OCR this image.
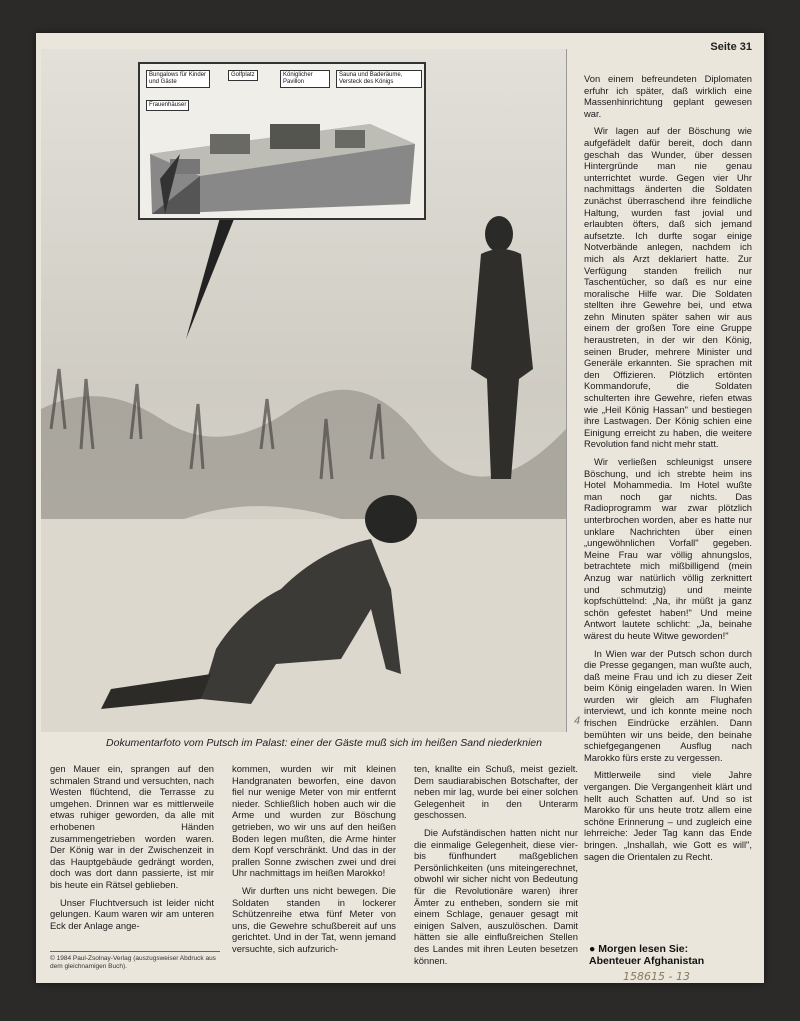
Seite 31
Bungalows für Kinder und Gäste
Golfplatz	Königlicher Pavillon
Sauna und Baderäume, Versteck des Königs
Frauenhäuser
Dokumentarfoto vom Putsch im Palast: einer der Gäste muß sich im heißen Sand niederknien

Von einem befreundeten Diplomaten erfuhr ich später, daß wirklich eine Massenhinrichtung geplant gewesen war.

Wir lagen auf der Böschung wie aufgefädelt dafür bereit, doch dann geschah das Wunder, über dessen Hintergründe man nie genau unterrichtet wurde. Gegen vier Uhr nachmittags änderten die Soldaten zunächst überraschend ihre feindliche Haltung, wurden fast jovial und erlaubten öfters, daß sich jemand aufsetzte. Ich durfte sogar einige Notverbände anlegen, nachdem ich mich als Arzt deklariert hatte. Zur Verfügung standen freilich nur Taschentücher, so daß es nur eine moralische Hilfe war. Die Soldaten stellten ihre Gewehre bei, und etwa zehn Minuten später sahen wir aus einem der großen Tore eine Gruppe heraustreten, in der wir den König, seinen Bruder, mehrere Minister und Generäle erkannten. Sie sprachen mit den Offizieren. Plötzlich ertönten Kommandorufe, die Soldaten schulterten ihre Gewehre, riefen etwas wie „Heil König Hassan" und bestiegen ihre Lastwagen. Der König schien eine Einigung erreicht zu haben, die weitere Revolution fand nicht mehr statt.

Wir verließen schleunigst unsere Böschung, und ich strebte heim ins Hotel Mohammedia. Im Hotel wußte man noch gar nichts. Das Radioprogramm war zwar plötzlich unterbrochen worden, aber es hatte nur unklare Nachrichten über einen „ungewöhnlichen Vorfall" gegeben. Meine Frau war völlig ahnungslos, betrachtete mich mißbilligend (mein Anzug war natürlich völlig zerknittert und schmutzig) und meinte kopfschüttelnd: „Na, ihr müßt ja ganz schön gefestet haben!" Und meine Antwort lautete schlicht: „Ja, beinahe wärest du heute Witwe geworden!"

In Wien war der Putsch schon durch die Presse gegangen, man wußte auch, daß meine Frau und ich zu dieser Zeit beim König eingeladen waren. In Wien wurden wir gleich am Flughafen interviewt, und ich konnte meine noch frischen Eindrücke erzählen. Dann bemühten wir uns beide, den beinahe schiefgegangenen Ausflug nach Marokko fürs erste zu vergessen.

Mittlerweile sind viele Jahre vergangen. Die Vergangenheit klärt und hellt auch Schatten auf. Und so ist Marokko für uns heute trotz allem eine schöne Erinnerung – und zugleich eine lehrreiche: Jeder Tag kann das Ende bringen. „Inshallah, wie Gott es will", sagen die Orientalen zu Recht.

gen Mauer ein, sprangen auf den schmalen Strand und versuchten, nach Westen flüchtend, die Terrasse zu umgehen. Drinnen war es mittlerweile etwas ruhiger geworden, da alle mit erhobenen Händen zusammengetrieben worden waren. Der König war in der Zwischenzeit in das Hauptgebäude gedrängt worden, doch was dort dann passierte, ist mir bis heute ein Rätsel geblieben.

Unser Fluchtversuch ist leider nicht gelungen. Kaum waren wir am unteren Eck der Anlage ange-

kommen, wurden wir mit kleinen Handgranaten beworfen, eine davon fiel nur wenige Meter von mir entfernt nieder. Schließlich hoben auch wir die Arme und wurden zur Böschung getrieben, wo wir uns auf den heißen Boden legen mußten, die Arme hinter dem Kopf verschränkt. Und das in der prallen Sonne zwischen zwei und drei Uhr nachmittags im heißen Marokko!

Wir durften uns nicht bewegen. Die Soldaten standen in lockerer Schützenreihe etwa fünf Meter von uns, die Gewehre schußbereit auf uns gerichtet. Und in der Tat, wenn jemand versuchte, sich aufzurich-

ten, knallte ein Schuß, meist gezielt. Dem saudiarabischen Botschafter, der neben mir lag, wurde bei einer solchen Gelegenheit in den Unterarm geschossen.

Die Aufständischen hatten nicht nur die einmalige Gelegenheit, diese vier- bis fünfhundert maßgeblichen Persönlichkeiten (uns miteingerechnet, obwohl wir sicher nicht von Bedeutung für die Revolutionäre waren) ihrer Ämter zu entheben, sondern sie mit einem Schlage, genauer gesagt mit einigen Salven, auszulöschen. Damit hätten sie alle einflußreichen Stellen des Landes mit ihren Leuten besetzen können.

© 1984 Paul-Zsolnay-Verlag (auszugsweiser Abdruck aus dem gleichnamigen Buch).
● Morgen lesen Sie:
Abenteuer Afghanistan
4
158615 - 13
